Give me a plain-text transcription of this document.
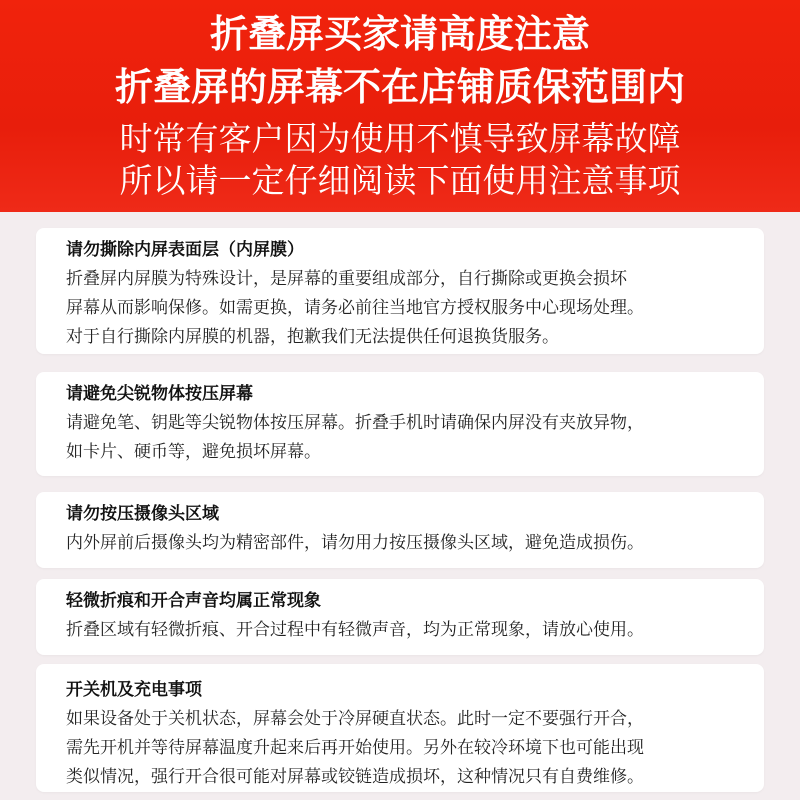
折叠屏买家请高度注意
折叠屏的屏幕不在店铺质保范围内
时常有客户因为使用不慎导致屏幕故障
所以请一定仔细阅读下面使用注意事项
请勿撕除内屏表面层（内屏膜）
折叠屏内屏膜为特殊设计，是屏幕的重要组成部分，自行撕除或更换会损坏
屏幕从而影响保修。如需更换，请务必前往当地官方授权服务中心现场处理。
对于自行撕除内屏膜的机器，抱歉我们无法提供任何退换货服务。
请避免尖锐物体按压屏幕
请避免笔、钥匙等尖锐物体按压屏幕。折叠手机时请确保内屏没有夹放异物，
如卡片、硬币等，避免损坏屏幕。
请勿按压摄像头区域
内外屏前后摄像头均为精密部件，请勿用力按压摄像头区域，避免造成损伤。
轻微折痕和开合声音均属正常现象
折叠区域有轻微折痕、开合过程中有轻微声音，均为正常现象，请放心使用。
开关机及充电事项
如果设备处于关机状态，屏幕会处于冷屏硬直状态。此时一定不要强行开合，
需先开机并等待屏幕温度升起来后再开始使用。另外在较冷环境下也可能出现
类似情况，强行开合很可能对屏幕或铰链造成损坏，这种情况只有自费维修。
